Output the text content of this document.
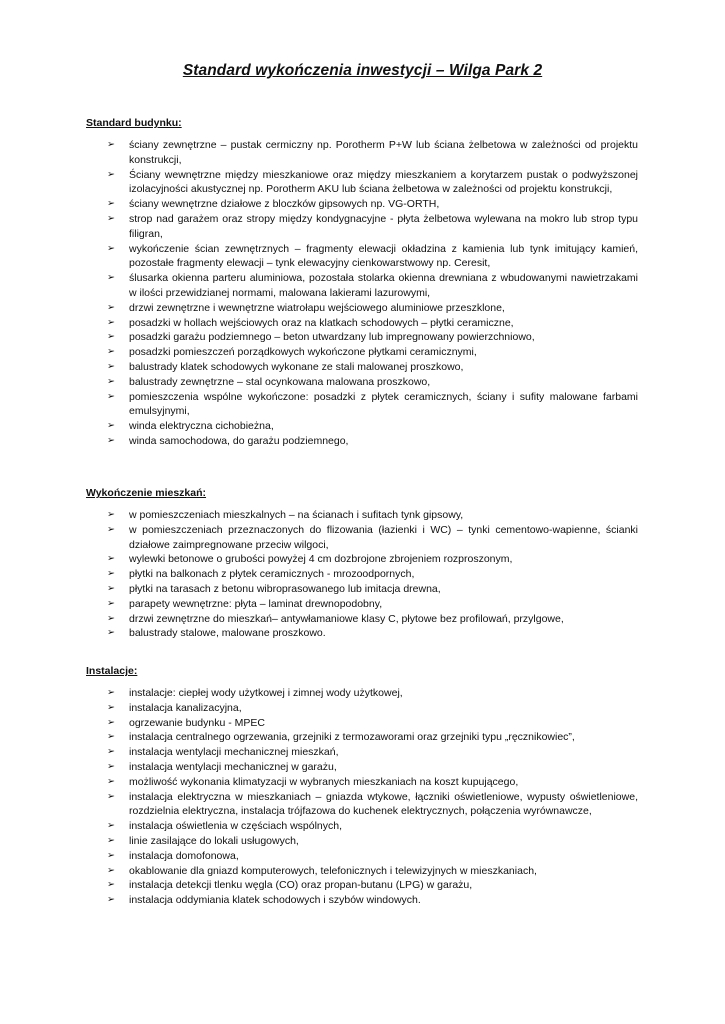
Standard wykończenia inwestycji – Wilga Park 2
Standard budynku:
➢ ściany zewnętrzne – pustak cermiczny np. Porotherm P+W lub ściana żelbetowa w zależności od projektu konstrukcji,
➢ Ściany wewnętrzne między mieszkaniowe oraz między mieszkaniem a korytarzem pustak o podwyższonej izolacyjności akustycznej np. Porotherm AKU lub ściana żelbetowa w zależności od projektu konstrukcji,
➢ ściany wewnętrzne działowe z bloczków gipsowych np. VG-ORTH,
➢ strop nad garażem oraz stropy między kondygnacyjne - płyta żelbetowa wylewana na mokro lub strop typu filigran,
➢ wykończenie ścian zewnętrznych – fragmenty elewacji okładzina z kamienia lub tynk imitujący kamień, pozostałe fragmenty elewacji – tynk elewacyjny cienkowarstwowy np. Ceresit,
➢ ślusarka okienna parteru aluminiowa, pozostała stolarka okienna drewniana z wbudowanymi nawietrzakami w ilości przewidzianej normami, malowana lakierami lazurowymi,
➢ drzwi zewnętrzne i wewnętrzne wiatrołapu wejściowego aluminiowe przeszklone,
➢ posadzki w hollach wejściowych oraz na klatkach schodowych – płytki ceramiczne,
➢ posadzki garażu podziemnego – beton utwardzany lub impregnowany powierzchniowo,
➢ posadzki pomieszczeń porządkowych wykończone płytkami ceramicznymi,
➢ balustrady klatek schodowych wykonane ze stali malowanej proszkowo,
➢ balustrady zewnętrzne – stal ocynkowana malowana proszkowo,
➢ pomieszczenia wspólne wykończone: posadzki z płytek ceramicznych, ściany i sufity malowane farbami emulsyjnymi,
➢ winda elektryczna cichobieżna,
➢ winda samochodowa, do garażu podziemnego,
Wykończenie mieszkań:
➢ w pomieszczeniach mieszkalnych – na ścianach i sufitach tynk gipsowy,
➢ w pomieszczeniach przeznaczonych do flizowania (łazienki i WC) – tynki cementowo-wapienne, ścianki działowe zaimpregnowane przeciw wilgoci,
➢ wylewki betonowe o grubości powyżej 4 cm dozbrojone zbrojeniem rozproszonym,
➢ płytki na balkonach z płytek ceramicznych - mrozoodpornych,
➢ płytki na tarasach z betonu wibroprasowanego lub imitacja drewna,
➢ parapety wewnętrzne: płyta – laminat drewnopodobny,
➢ drzwi zewnętrzne do mieszkań– antywłamaniowe klasy C, płytowe bez profilowań, przylgowe,
➢ balustrady stalowe, malowane proszkowo.
Instalacje:
➢ instalacje: ciepłej wody użytkowej i zimnej wody użytkowej,
➢ instalacja kanalizacyjna,
➢ ogrzewanie budynku - MPEC
➢ instalacja centralnego ogrzewania, grzejniki z termozaworami oraz grzejniki typu „ręcznikowiec”,
➢ instalacja wentylacji mechanicznej mieszkań,
➢ instalacja wentylacji mechanicznej w garażu,
➢ możliwość wykonania klimatyzacji w wybranych mieszkaniach na koszt kupującego,
➢ instalacja elektryczna w mieszkaniach – gniazda wtykowe, łączniki oświetleniowe, wypusty oświetleniowe, rozdzielnia elektryczna, instalacja trójfazowa do kuchenek elektrycznych, połączenia wyrównawcze,
➢ instalacja oświetlenia w częściach wspólnych,
➢ linie zasilające do lokali usługowych,
➢ instalacja domofonowa,
➢ okablowanie dla gniazd komputerowych, telefonicznych i telewizyjnych w mieszkaniach,
➢ instalacja detekcji tlenku węgla (CO) oraz propan-butanu (LPG) w garażu,
➢ instalacja oddymiania klatek schodowych i szybów windowych.
